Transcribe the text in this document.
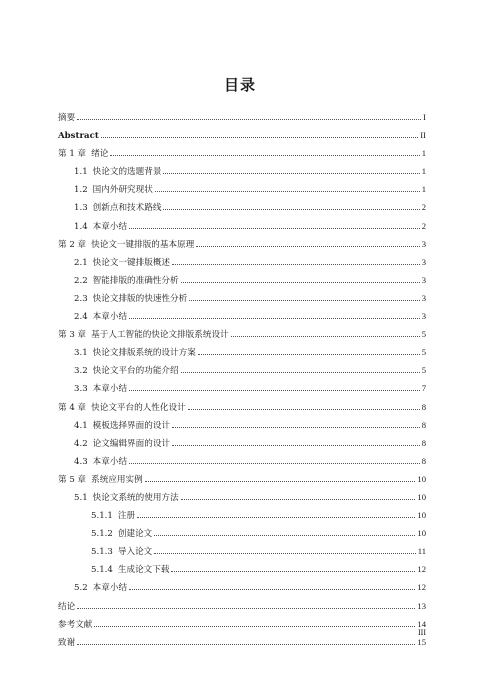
目录
摘要	I
Abstract	II
第 1 章 绪论	1
1.1 快论文的选题背景	1
1.2 国内外研究现状	1
1.3 创新点和技术路线	2
1.4 本章小结	2
第 2 章 快论文一键排版的基本原理	3
2.1 快论文一键排版概述	3
2.2 智能排版的准确性分析	3
2.3 快论文排版的快速性分析	3
2.4 本章小结	3
第 3 章 基于人工智能的快论文排版系统设计	5
3.1 快论文排版系统的设计方案	5
3.2 快论文平台的功能介绍	5
3.3 本章小结	7
第 4 章 快论文平台的人性化设计	8
4.1 模板选择界面的设计	8
4.2 论文编辑界面的设计	8
4.3 本章小结	8
第 5 章 系统应用实例	10
5.1 快论文系统的使用方法	10
5.1.1 注册	10
5.1.2 创建论文	10
5.1.3 导入论文	11
5.1.4 生成论文下载	12
5.2 本章小结	12
结论	13
参考文献	14
致谢	15
III
